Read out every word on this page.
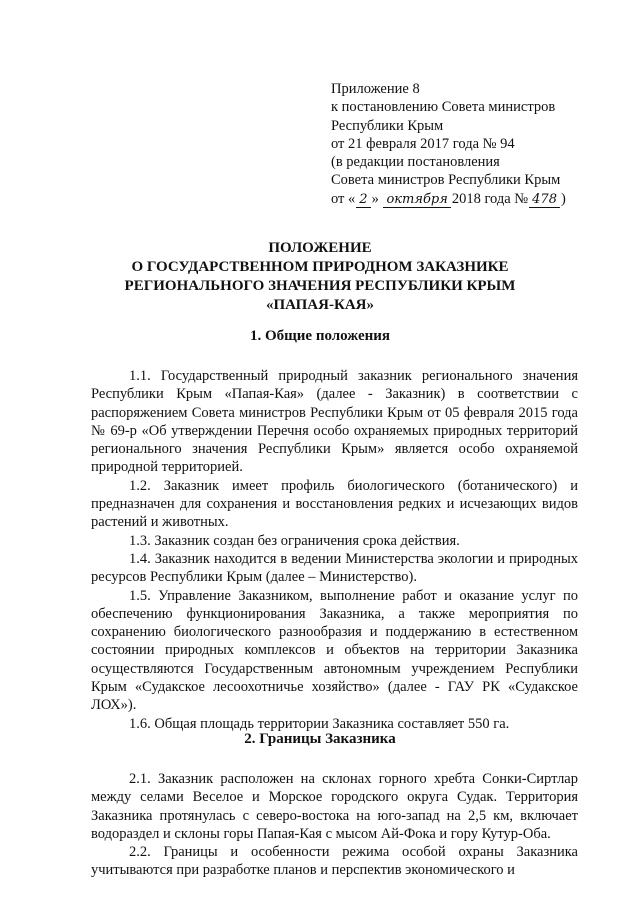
Приложение 8
к постановлению Совета министров
Республики Крым
от 21 февраля 2017 года № 94
(в редакции постановления
Совета министров Республики Крым
от « 2 » октября 2018 года № 478 )
ПОЛОЖЕНИЕ
О ГОСУДАРСТВЕННОМ ПРИРОДНОМ ЗАКАЗНИКЕ
РЕГИОНАЛЬНОГО ЗНАЧЕНИЯ РЕСПУБЛИКИ КРЫМ
«ПАПАЯ-КАЯ»
1. Общие положения

1.1. Государственный природный заказник регионального значения Республики Крым «Папая-Кая» (далее - Заказник) в соответствии с распоряжением Совета министров Республики Крым от 05 февраля 2015 года № 69-р «Об утверждении Перечня особо охраняемых природных территорий регионального значения Республики Крым» является особо охраняемой природной территорией.

1.2. Заказник имеет профиль биологического (ботанического) и предназначен для сохранения и восстановления редких и исчезающих видов растений и животных.

1.3. Заказник создан без ограничения срока действия.

1.4. Заказник находится в ведении Министерства экологии и природных ресурсов Республики Крым (далее – Министерство).

1.5. Управление Заказником, выполнение работ и оказание услуг по обеспечению функционирования Заказника, а также мероприятия по сохранению биологического разнообразия и поддержанию в естественном состоянии природных комплексов и объектов на территории Заказника осуществляются Государственным автономным учреждением Республики Крым «Судакское лесоохотничье хозяйство» (далее - ГАУ РК «Судакское ЛОХ»).

1.6. Общая площадь территории Заказника составляет 550 га.

2. Границы Заказника

2.1. Заказник расположен на склонах горного хребта Сонки-Сиртлар между селами Веселое и Морское городского округа Судак. Территория Заказника протянулась с северо-востока на юго-запад на 2,5 км, включает водораздел и склоны горы Папая-Кая с мысом Ай-Фока и гору Кутур-Оба.

2.2. Границы и особенности режима особой охраны Заказника учитываются при разработке планов и перспектив экономического и
